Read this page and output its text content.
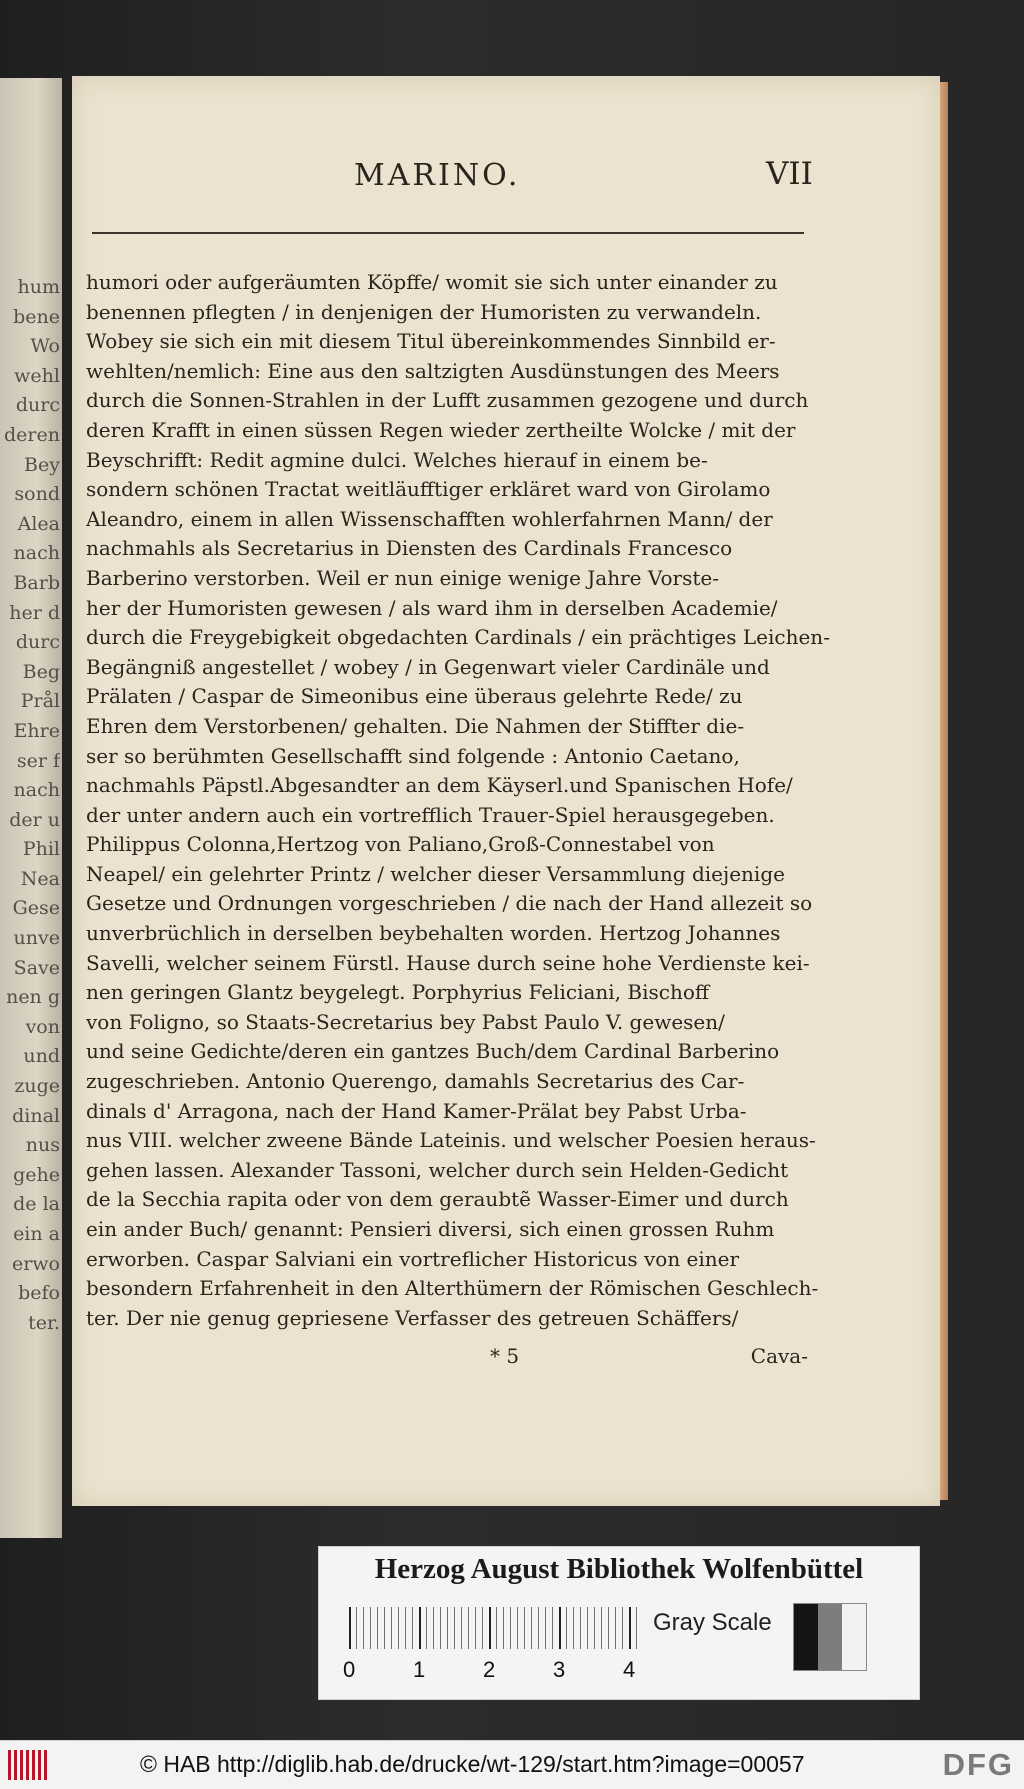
hum
bene
Wo
wehl
durc
deren
Bey
sond
Alea
nach
Barb
her d
durc
Beg
Prål
Ehre
ser f
nach
der u
Phil
Nea
Gese
unve
Save
nen g
von
und
zuge
dinal
nus
gehe
de la
ein a
erwo
befo
ter.
MARINO.	VII
humori oder aufgeräumten Köpffe/ womit sie sich unter einander zu
benennen pflegten / in denjenigen der Humoristen zu verwandeln.
Wobey sie sich ein mit diesem Titul übereinkommendes Sinnbild er-
wehlten/nemlich: Eine aus den saltzigten Ausdünstungen des Meers
durch die Sonnen-Strahlen in der Lufft zusammen gezogene und durch
deren Krafft in einen süssen Regen wieder zertheilte Wolcke / mit der
Beyschrifft: Redit agmine dulci. Welches hierauf in einem be-
sondern schönen Tractat weitläufftiger erkläret ward von Girolamo
Aleandro, einem in allen Wissenschafften wohlerfahrnen Mann/ der
nachmahls als Secretarius in Diensten des Cardinals Francesco
Barberino verstorben. Weil er nun einige wenige Jahre Vorste-
her der Humoristen gewesen / als ward ihm in derselben Academie/
durch die Freygebigkeit obgedachten Cardinals / ein prächtiges Leichen-
Begängniß angestellet / wobey / in Gegenwart vieler Cardinäle und
Prälaten / Caspar de Simeonibus eine überaus gelehrte Rede/ zu
Ehren dem Verstorbenen/ gehalten. Die Nahmen der Stiffter die-
ser so berühmten Gesellschafft sind folgende : Antonio Caetano,
nachmahls Päpstl.Abgesandter an dem Käyserl.und Spanischen Hofe/
der unter andern auch ein vortrefflich Trauer-Spiel herausgegeben.
Philippus Colonna,Hertzog von Paliano,Groß-Connestabel von
Neapel/ ein gelehrter Printz / welcher dieser Versammlung diejenige
Gesetze und Ordnungen vorgeschrieben / die nach der Hand allezeit so
unverbrüchlich in derselben beybehalten worden. Hertzog Johannes
Savelli, welcher seinem Fürstl. Hause durch seine hohe Verdienste kei-
nen geringen Glantz beygelegt. Porphyrius Feliciani, Bischoff
von Foligno, so Staats-Secretarius bey Pabst Paulo V. gewesen/
und seine Gedichte/deren ein gantzes Buch/dem Cardinal Barberino
zugeschrieben. Antonio Querengo, damahls Secretarius des Car-
dinals d' Arragona, nach der Hand Kamer-Prälat bey Pabst Urba-
nus VIII. welcher zweene Bände Lateinis. und welscher Poesien heraus-
gehen lassen. Alexander Tassoni, welcher durch sein Helden-Gedicht
de la Secchia rapita oder von dem geraubtẽ Wasser-Eimer und durch
ein ander Buch/ genannt: Pensieri diversi, sich einen grossen Ruhm
erworben. Caspar Salviani ein vortreflicher Historicus von einer
besondern Erfahrenheit in den Alterthümern der Römischen Geschlech-
ter. Der nie genug gepriesene Verfasser des getreuen Schäffers/
* 5	Cava-
Herzog August Bibliothek Wolfenbüttel
0	1	2	3	4
Gray Scale
© HAB http://diglib.hab.de/drucke/wt-129/start.htm?image=00057	DFG
